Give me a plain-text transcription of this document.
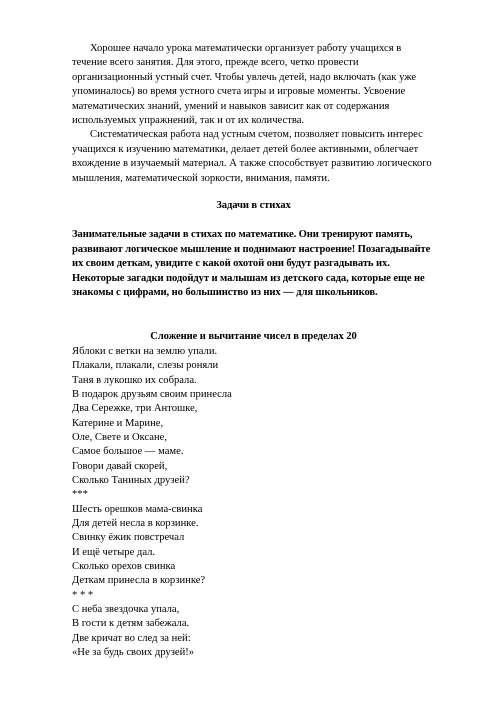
Хорошее начало урока математически организует работу учащихся в течение всего занятия. Для этого, прежде всего, четко провести организационный устный счет. Чтобы увлечь детей, надо включать (как уже упоминалось) во время устного счета игры и игровые моменты. Усвоение математических знаний, умений и навыков зависит как от содержания используемых упражнений, так и от их количества.

Систематическая работа над устным счетом, позволяет повысить интерес учащихся к изучению математики, делает детей более активными, облегчает вхождение в изучаемый материал. А также способствует развитию логического мышления, математической зоркости, внимания, памяти.

Задачи в стихах

Занимательные задачи в стихах по математике. Они тренируют память, развивают логическое мышление и поднимают настроение! Позагадывайте их своим деткам, увидите с какой охотой они будут разгадывать их. Некоторые загадки подойдут и малышам из детского сада, которые еще не знакомы с цифрами, но большинство из них — для школьников.

Сложение и вычитание чисел в пределах 20
Яблоки с ветки на землю упали.
Плакали, плакали, слезы роняли
Таня в лукошко их собрала.
В подарок друзьям своим принесла
Два Сережке, три Антошке,
Катерине и Марине,
Оле, Свете и Оксане,
Самое большое — маме.
Говори давай скорей,
Сколько Таниных друзей?
***
Шесть орешков мама-свинка
Для детей несла в корзинке.
Свинку ёжик повстречал
И ещё четыре дал.
Сколько орехов свинка
Деткам принесла в корзинке?
* * *
С неба звездочка упала,
В гости к детям забежала.
Две кричат во след за ней:
«Не за будь своих друзей!»
